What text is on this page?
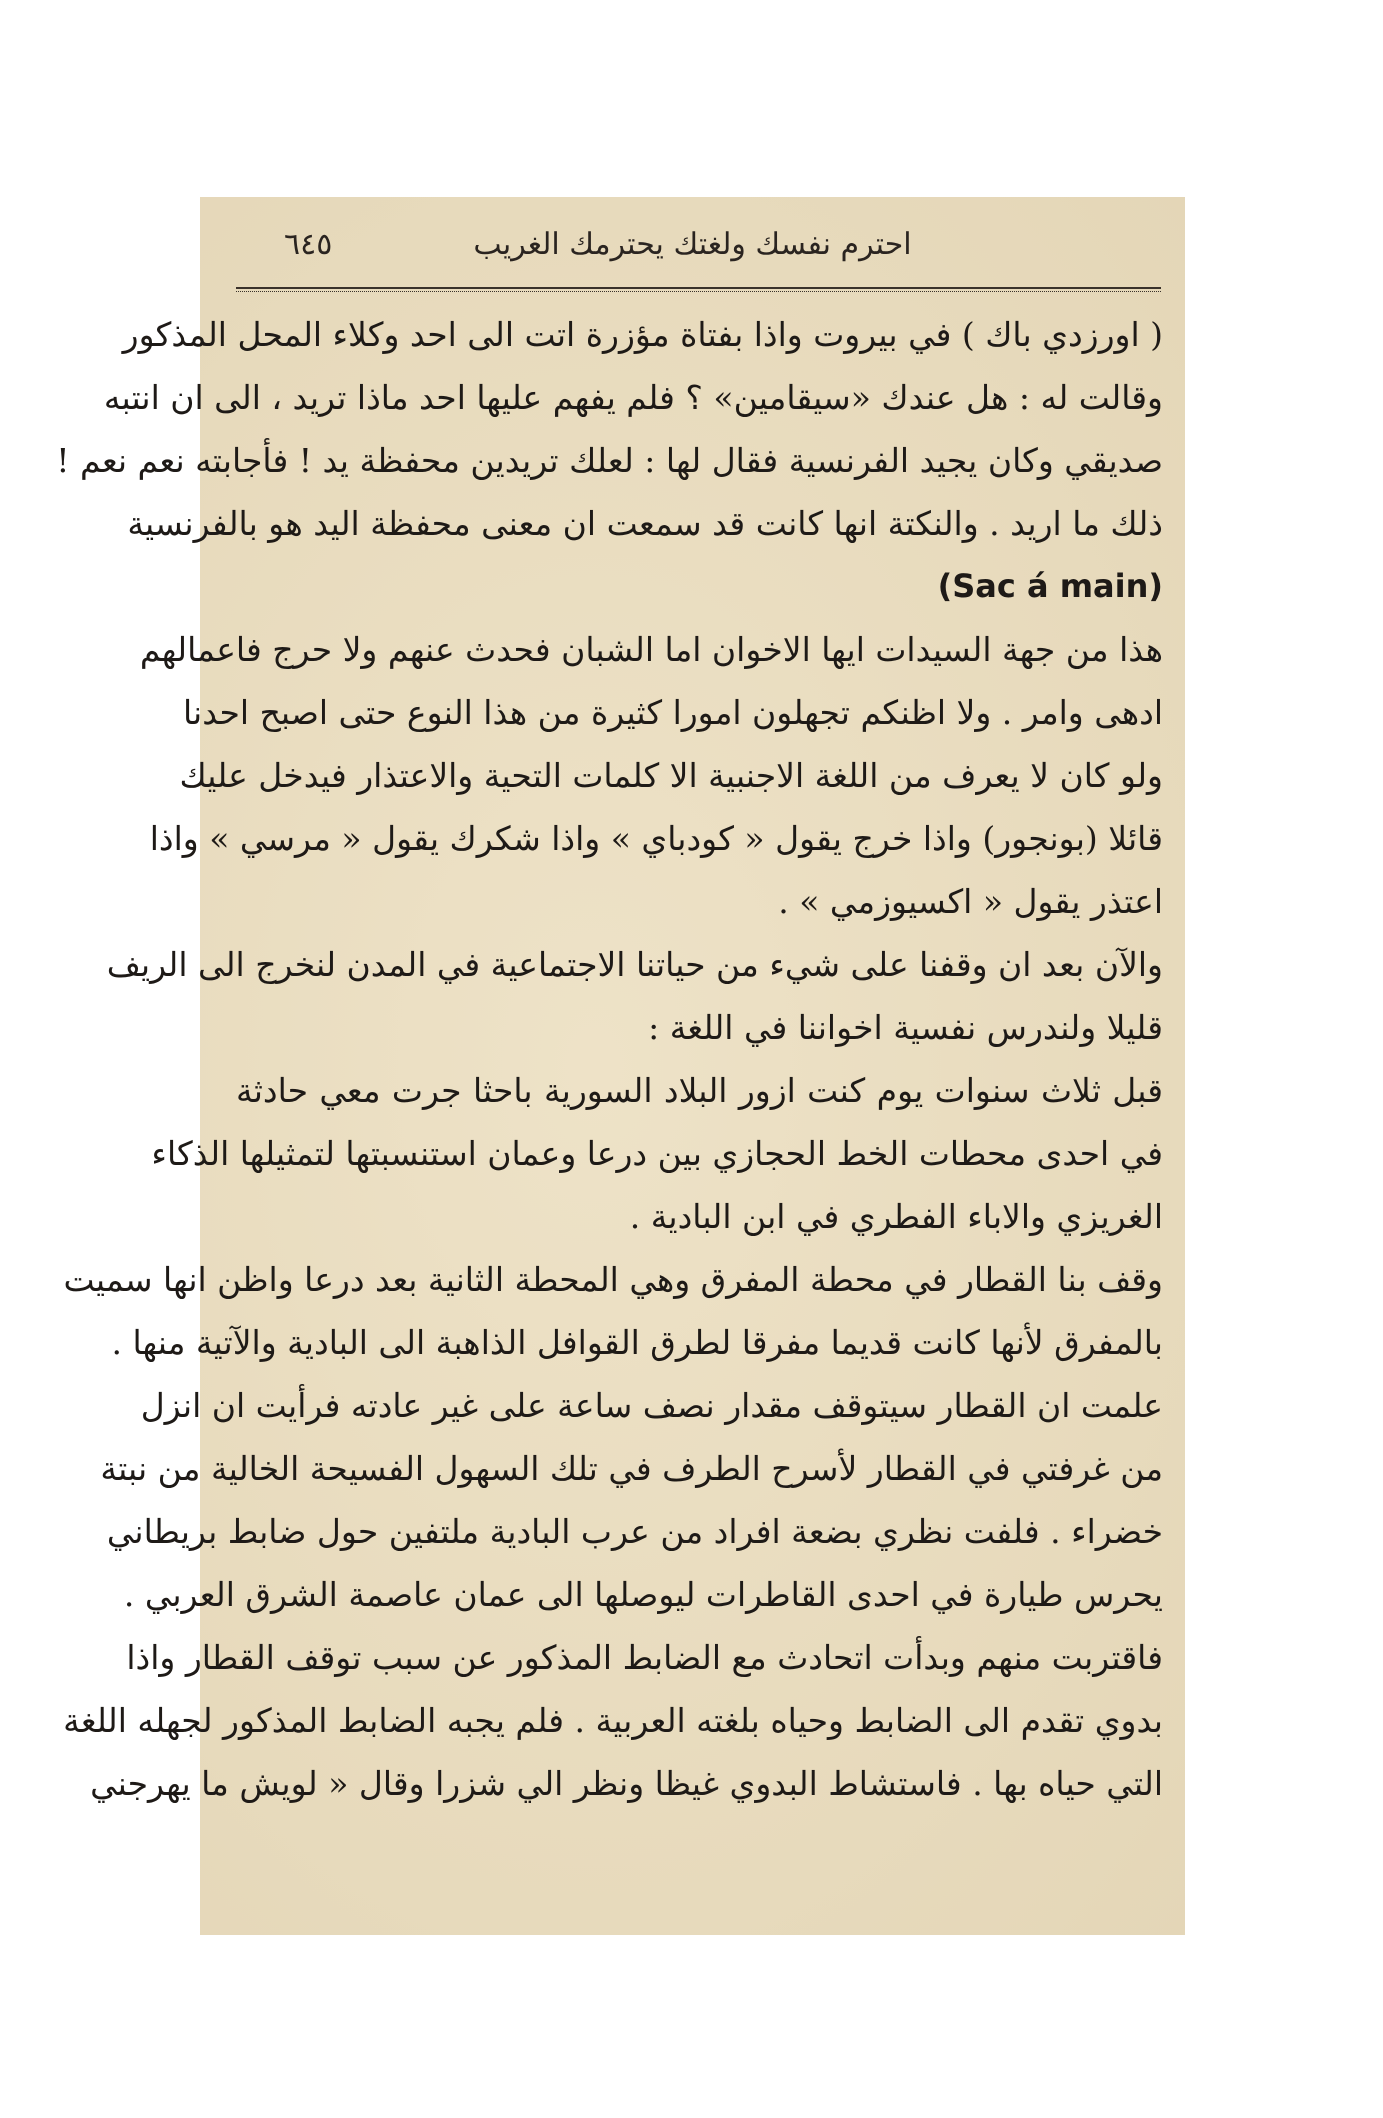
احترم نفسك ولغتك يحترمك الغريب
٦٤٥
( اورزدي باك ) في بيروت واذا بفتاة مؤزرة اتت الى احد وكلاء المحل المذكور
وقالت له : هل عندك «سيقامين» ؟ فلم يفهم عليها احد ماذا تريد ، الى ان انتبه
صديقي وكان يجيد الفرنسية فقال لها : لعلك تريدين محفظة يد ! فأجابته نعم نعم !
ذلك ما اريد . والنكتة انها كانت قد سمعت ان معنى محفظة اليد هو بالفرنسية
(Sac á main)
هذا من جهة السيدات ايها الاخوان اما الشبان فحدث عنهم ولا حرج فاعمالهم
ادهى وامر . ولا اظنكم تجهلون امورا كثيرة من هذا النوع حتى اصبح احدنا
ولو كان لا يعرف من اللغة الاجنبية الا كلمات التحية والاعتذار فيدخل عليك
قائلا (بونجور) واذا خرج يقول « كودباي » واذا شكرك يقول « مرسي » واذا
اعتذر يقول « اكسيوزمي » .
والآن بعد ان وقفنا على شيء من حياتنا الاجتماعية في المدن لنخرج الى الريف
قليلا ولندرس نفسية اخواننا في اللغة :
قبل ثلاث سنوات يوم كنت ازور البلاد السورية باحثا جرت معي حادثة
في احدى محطات الخط الحجازي بين درعا وعمان استنسبتها لتمثيلها الذكاء
الغريزي والاباء الفطري في ابن البادية .
وقف بنا القطار في محطة المفرق وهي المحطة الثانية بعد درعا واظن انها سميت
بالمفرق لأنها كانت قديما مفرقا لطرق القوافل الذاهبة الى البادية والآتية منها .
علمت ان القطار سيتوقف مقدار نصف ساعة على غير عادته فرأيت ان انزل
من غرفتي في القطار لأسرح الطرف في تلك السهول الفسيحة الخالية من نبتة
خضراء . فلفت نظري بضعة افراد من عرب البادية ملتفين حول ضابط بريطاني
يحرس طيارة في احدى القاطرات ليوصلها الى عمان عاصمة الشرق العربي .
فاقتربت منهم وبدأت اتحادث مع الضابط المذكور عن سبب توقف القطار واذا
بدوي تقدم الى الضابط وحياه بلغته العربية . فلم يجبه الضابط المذكور لجهله اللغة
التي حياه بها . فاستشاط البدوي غيظا ونظر الي شزرا وقال « لويش ما يهرجني
